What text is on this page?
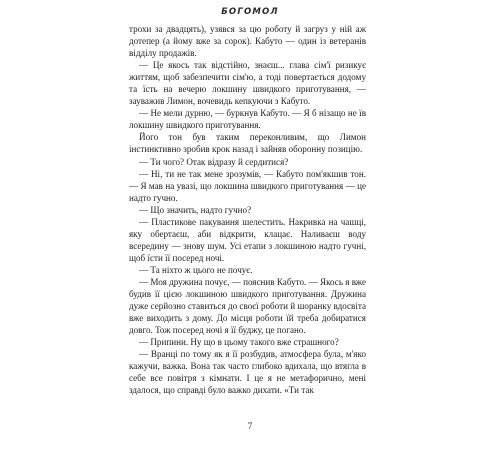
БОГОМОЛ

трохи за двадцять), узявся за цю роботу й загруз у ній аж дотепер (а йому вже за сорок). Кабуто — один із ветеранів відділу продажів.

— Це якось так відстійно, знаєш... глава сім'ї ризикує життям, щоб забезпечити сім'ю, а тоді повертається додому та їсть на вечерю локшину швидкого приготування, — зауважив Лимон, вочевидь кепкуючи з Кабуто.

— Не мели дурню, — буркнув Кабуто. — Я б нізащо не їв локшину швидкого приготування.

Його тон був таким переконливим, що Лимон інстинктивно зробив крок назад і зайняв оборонну позицію.

— Ти чого? Отак відразу й сердитися?

— Ні, ти не так мене зрозумів, — Кабуто пом'якшив тон. — Я мав на увазі, що локшина швидкого приготування — це надто гучно.

— Що значить, надто гучно?

— Пластикове пакування шелестить. Накривка на чашці, яку обертаєш, аби відкрити, клацає. Наливаєш воду всередину — знову шум. Усі етапи з локшиною надто гучні, щоб їсти її посеред ночі.

— Та ніхто ж цього не почує.

— Моя дружина почує, — пояснив Кабуто. — Якось я вже будив її цією локшиною швидкого приготування. Дружина дуже серйозно ставиться до своєї роботи й шоранку вдосвіта вже виходить з дому. До місця роботи їй треба добиратися довго. Тож посеред ночі я її буджу, це погано.

— Припини. Ну що в цьому такого вже страшного?

— Вранці по тому як я її розбудив, атмосфера була, м'яко кажучи, важка. Вона так часто глибоко вдихала, що втягла в себе все повітря з кімнати. І це я не метафорично, мені здалося, що справді було важко дихати. «Ти так

7
